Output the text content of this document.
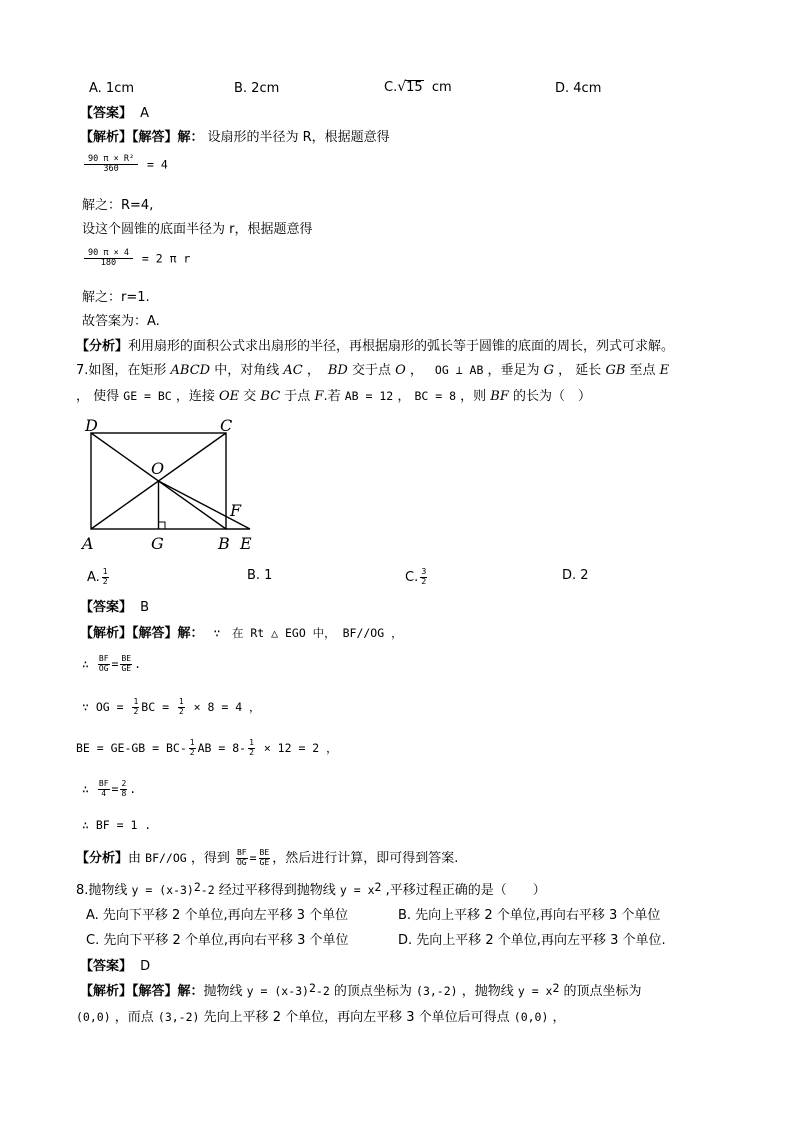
A. 1cm	B. 2cm	C.√15 cm	D. 4cm
【答案】 A
【解析】【解答】解： 设扇形的半径为 R，根据题意得
$\frac{\text{90 π × R²}}{360} = 4$
解之：R=4,
设这个圆锥的底面半径为 r，根据题意得
$\frac{90 \pi \times 4}{180} = 2$ π r
解之：r=1.
故答案为：A.
【分析】利用扇形的面积公式求出扇形的半径，再根据扇形的弧长等于圆锥的底面的周长，列式可求解。
7.如图，在矩形 ABCD 中，对角线 AC ， BD 交于点 O ， OG ⊥ AB ，垂足为 G ， 延长 GB 至点 E
， 使得 GE = BC ，连接 OE 交 BC 于点 F.若 AB = 12 ， BC = 8 ，则 BF 的长为（　）
D	C
O
F
A	G	B E
A. $\frac{1}{2}$	B. 1	C. $\frac{3}{2}$	D. 2
【答案】 B
【解析】【解答】解： ∵　在 Rt △ EGO 中， BF//OG ，
∴ $\frac{BF}{OG} = \frac{BE}{GE}$ .
∵ OG = $\frac{1}{2}$ BC = $\frac{1}{2} \times 8 = 4$ ，
BE = $GE-GB = BC- \frac{1}{2}$ AB = $8- \frac{1}{2} \times 12 = 2$ ，
∴ $\frac{BF}{4} = \frac{2}{8}$ .
∴ BF = 1 .
【分析】由 BF//OG ，得到 $\frac{BF}{OG} = \frac{BE}{GE}$ ，然后进行计算，即可得到答案.
8.抛物线 $y = (x-3)^2-2$ 经过平移得到抛物线 $y = x^2$ ,平移过程正确的是（　　）
A. 先向下平移 2 个单位,再向左平移 3 个单位	B. 先向上平移 2 个单位,再向右平移 3 个单位
C. 先向下平移 2 个单位,再向右平移 3 个单位	D. 先向上平移 2 个单位,再向左平移 3 个单位.
【答案】 D
【解析】【解答】解：抛物线 $y = (x-3)^2-2$ 的顶点坐标为 (3,-2) ，抛物线 $y = x^2$ 的顶点坐标为
(0,0) ，而点 (3,-2) 先向上平移 2 个单位，再向左平移 3 个单位后可得点 (0,0) ，
